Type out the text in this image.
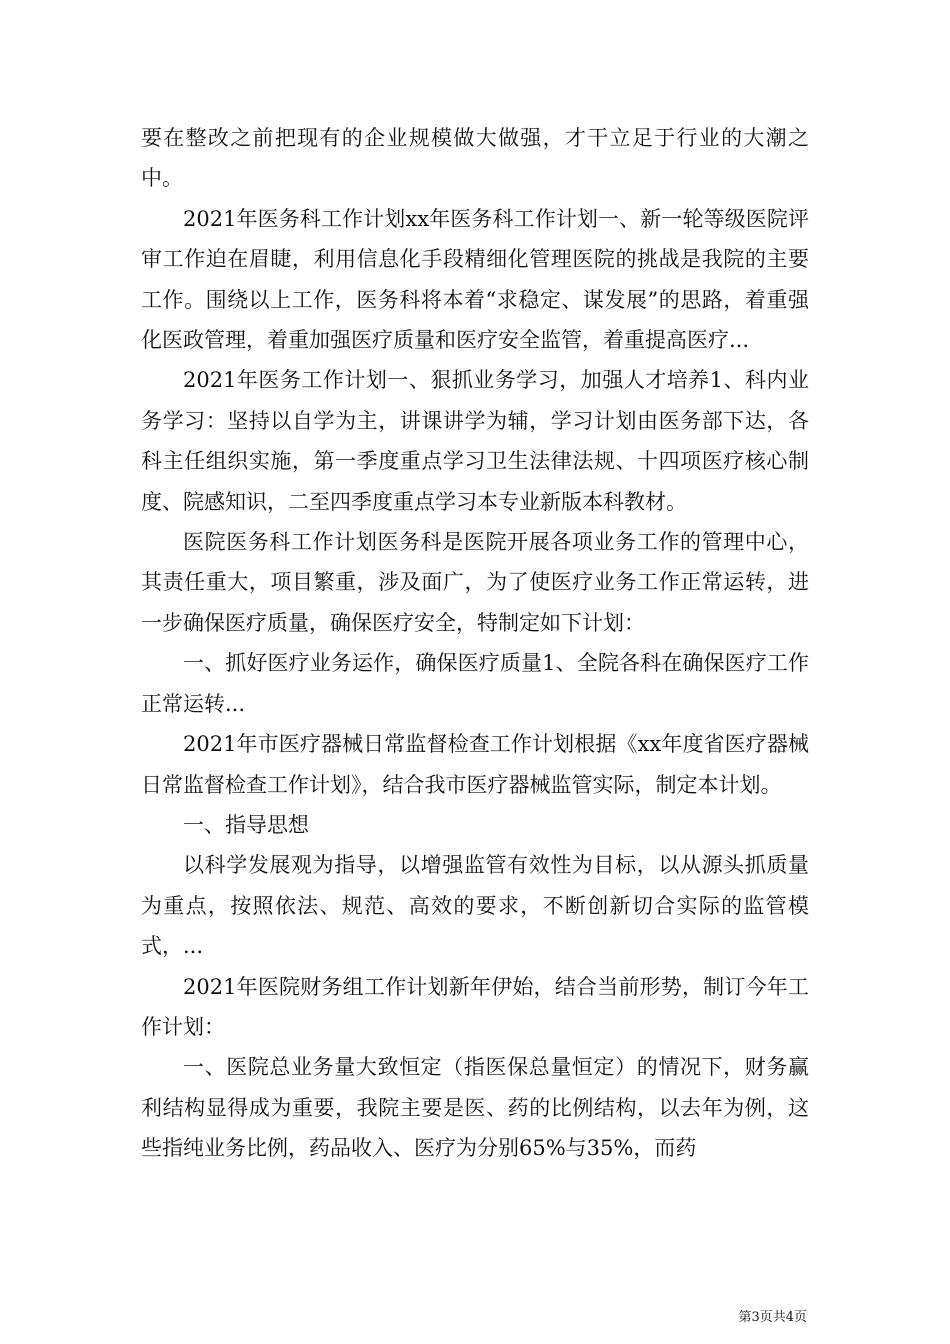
要在整改之前把现有的企业规模做大做强，才干立足于行业的大潮之中。

2021年医务科工作计划xx年医务科工作计划一、新一轮等级医院评审工作迫在眉睫，利用信息化手段精细化管理医院的挑战是我院的主要工作。围绕以上工作，医务科将本着“求稳定、谋发展”的思路，着重强化医政管理，着重加强医疗质量和医疗安全监管，着重提高医疗...

2021年医务工作计划一、狠抓业务学习，加强人才培养1、科内业务学习：坚持以自学为主，讲课讲学为辅，学习计划由医务部下达，各科主任组织实施，第一季度重点学习卫生法律法规、十四项医疗核心制度、院感知识，二至四季度重点学习本专业新版本科教材。

医院医务科工作计划医务科是医院开展各项业务工作的管理中心，其责任重大，项目繁重，涉及面广，为了使医疗业务工作正常运转，进一步确保医疗质量，确保医疗安全，特制定如下计划：

一、抓好医疗业务运作，确保医疗质量1、全院各科在确保医疗工作正常运转...

2021年市医疗器械日常监督检查工作计划根据《xx年度省医疗器械日常监督检查工作计划》，结合我市医疗器械监管实际，制定本计划。

一、指导思想

以科学发展观为指导，以增强监管有效性为目标，以从源头抓质量为重点，按照依法、规范、高效的要求，不断创新切合实际的监管模式，...

2021年医院财务组工作计划新年伊始，结合当前形势，制订今年工作计划：

一、医院总业务量大致恒定（指医保总量恒定）的情况下，财务赢利结构显得成为重要，我院主要是医、药的比例结构，以去年为例，这些指纯业务比例，药品收入、医疗为分别65%与35%，而药

第3页共4页
